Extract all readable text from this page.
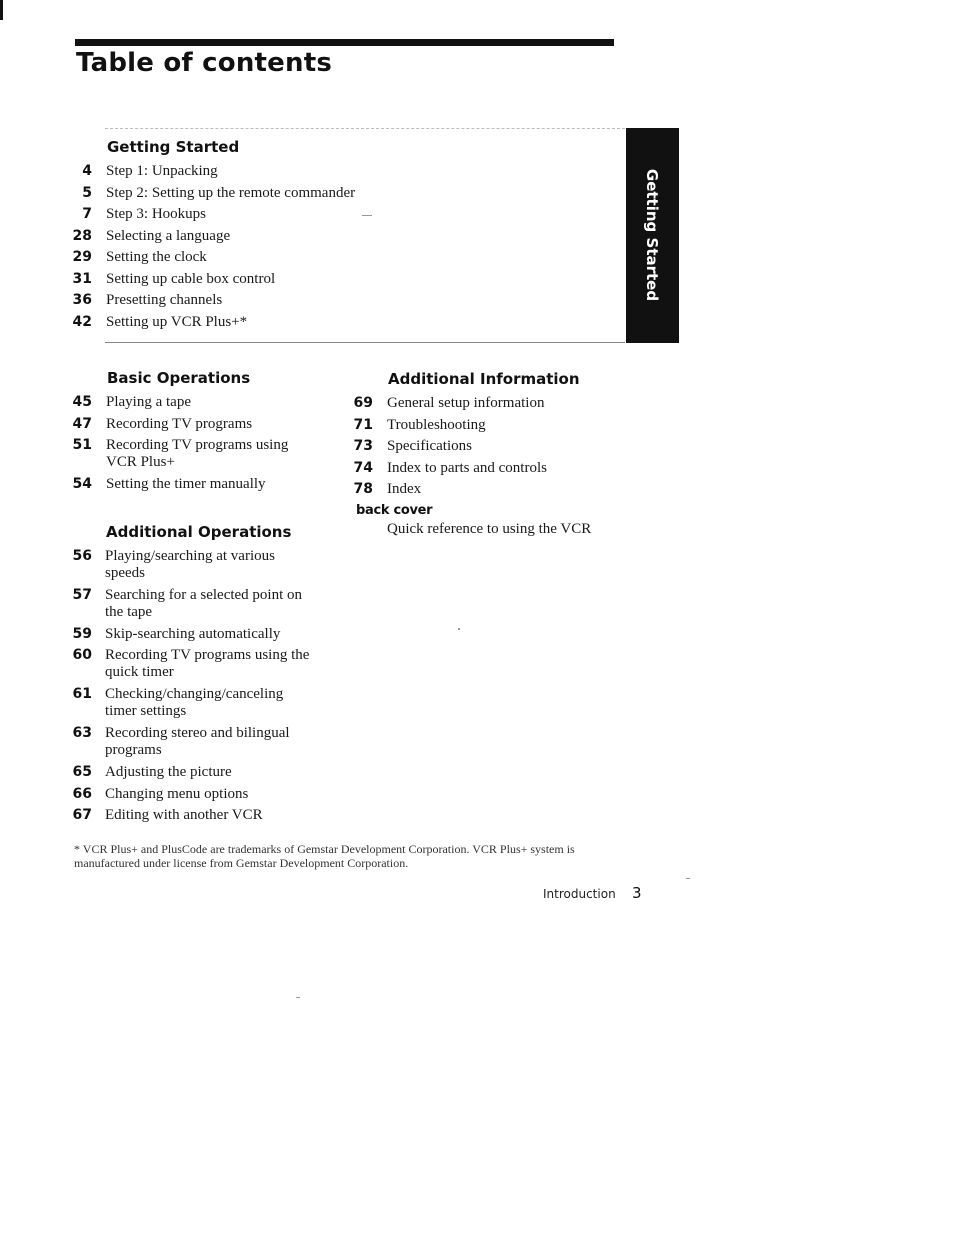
Table of contents
Getting Started
Getting Started
4 Step 1: Unpacking
5 Step 2: Setting up the remote commander
7 Step 3: Hookups
28 Selecting a language
29 Setting the clock
31 Setting up cable box control
36 Presetting channels
42 Setting up VCR Plus+*
Basic Operations
45 Playing a tape
47 Recording TV programs
51 Recording TV programs using
VCR Plus+
54 Setting the timer manually
Additional Operations
56 Playing/searching at various
speeds
57 Searching for a selected point on
the tape
59 Skip-searching automatically
60 Recording TV programs using the
quick timer
61 Checking/changing/canceling
timer settings
63 Recording stereo and bilingual
programs
65 Adjusting the picture
66 Changing menu options
67 Editing with another VCR
Additional Information
69 General setup information
71 Troubleshooting
73 Specifications
74 Index to parts and controls
78 Index
back cover
Quick reference to using the VCR
* VCR Plus+ and PlusCode are trademarks of Gemstar Development Corporation. VCR Plus+ system is manufactured under license from Gemstar Development Corporation.
Introduction 3
